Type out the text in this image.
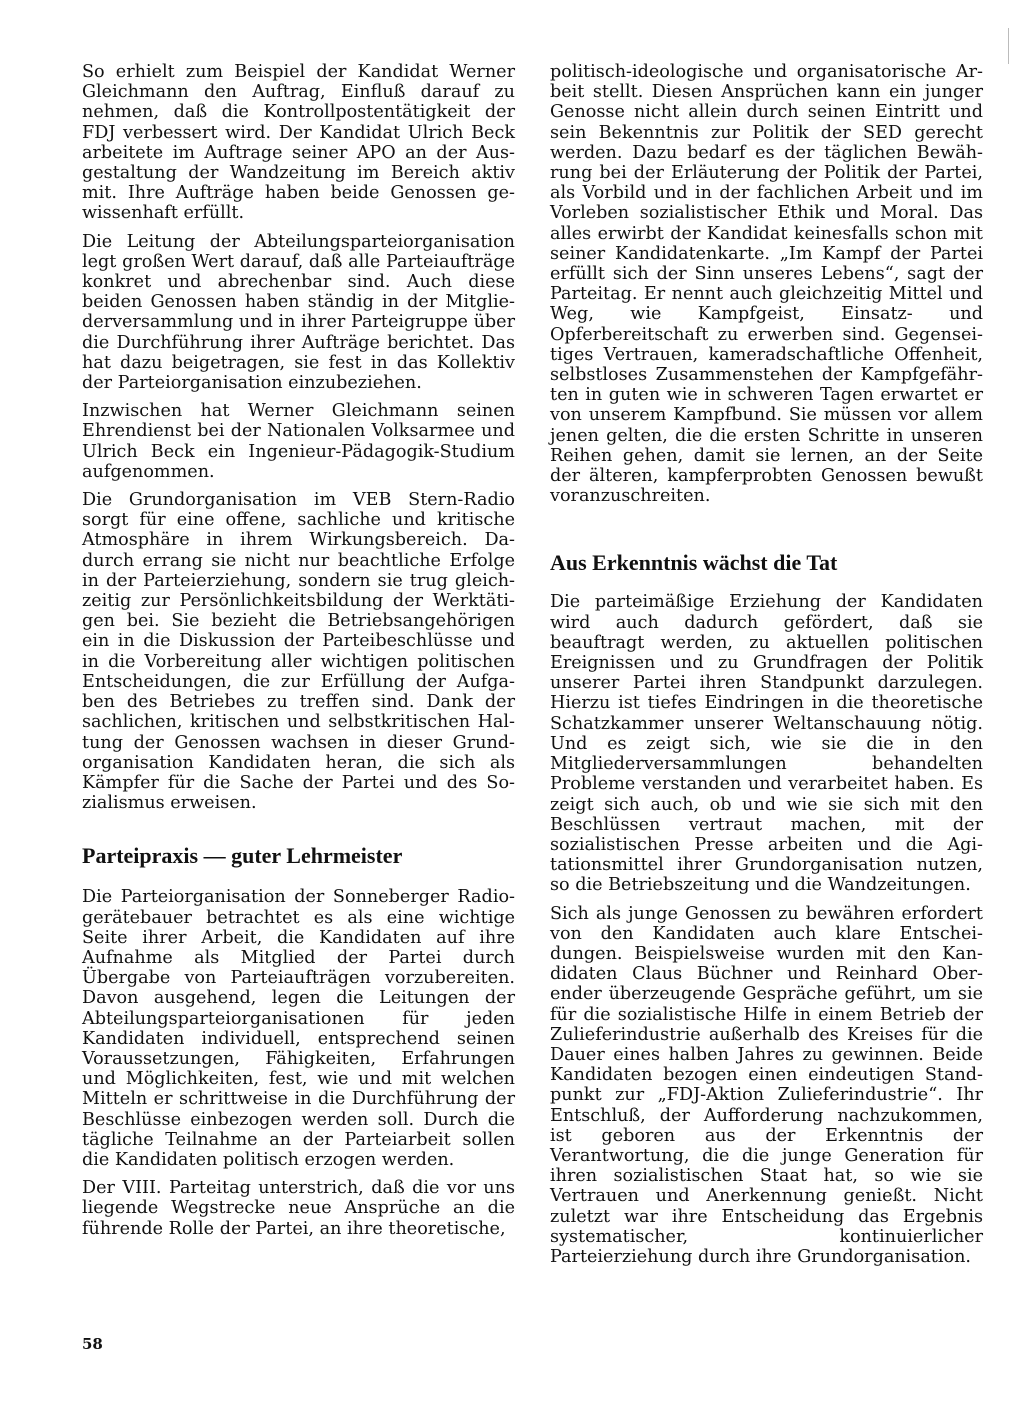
So erhielt zum Beispiel der Kandidat Werner Gleichmann den Auftrag, Einfluß darauf zu nehmen, daß die Kontrollpostentätigkeit der FDJ verbessert wird. Der Kandidat Ulrich Beck arbeitete im Auftrage seiner APO an der Ausgestaltung der Wandzeitung im Bereich aktiv mit. Ihre Aufträge haben beide Genossen gewissenhaft erfüllt.

Die Leitung der Abteilungsparteiorganisation legt großen Wert darauf, daß alle Parteiaufträge konkret und abrechenbar sind. Auch diese beiden Genossen haben ständig in der Mitgliederversammlung und in ihrer Parteigruppe über die Durchführung ihrer Aufträge berichtet. Das hat dazu beigetragen, sie fest in das Kollektiv der Parteiorganisation einzubeziehen.

Inzwischen hat Werner Gleichmann seinen Ehrendienst bei der Nationalen Volksarmee und Ulrich Beck ein Ingenieur-Pädagogik-Studium aufgenommen.

Die Grundorganisation im VEB Stern-Radio sorgt für eine offene, sachliche und kritische Atmosphäre in ihrem Wirkungsbereich. Dadurch errang sie nicht nur beachtliche Erfolge in der Parteierziehung, sondern sie trug gleichzeitig zur Persönlichkeitsbildung der Werktätigen bei. Sie bezieht die Betriebsangehörigen ein in die Diskussion der Parteibeschlüsse und in die Vorbereitung aller wichtigen politischen Entscheidungen, die zur Erfüllung der Aufgaben des Betriebes zu treffen sind. Dank der sachlichen, kritischen und selbstkritischen Haltung der Genossen wachsen in dieser Grundorganisation Kandidaten heran, die sich als Kämpfer für die Sache der Partei und des Sozialismus erweisen.

Parteipraxis — guter Lehrmeister

Die Parteiorganisation der Sonneberger Radiogerätebauer betrachtet es als eine wichtige Seite ihrer Arbeit, die Kandidaten auf ihre Aufnahme als Mitglied der Partei durch Übergabe von Parteiaufträgen vorzubereiten. Davon ausgehend, legen die Leitungen der Abteilungsparteiorganisationen für jeden Kandidaten individuell, entsprechend seinen Voraussetzungen, Fähigkeiten, Erfahrungen und Möglichkeiten, fest, wie und mit welchen Mitteln er schrittweise in die Durchführung der Beschlüsse einbezogen werden soll. Durch die tägliche Teilnahme an der Parteiarbeit sollen die Kandidaten politisch erzogen werden.

Der VIII. Parteitag unterstrich, daß die vor uns liegende Wegstrecke neue Ansprüche an die führende Rolle der Partei, an ihre theoretische,

politisch-ideologische und organisatorische Arbeit stellt. Diesen Ansprüchen kann ein junger Genosse nicht allein durch seinen Eintritt und sein Bekenntnis zur Politik der SED gerecht werden. Dazu bedarf es der täglichen Bewährung bei der Erläuterung der Politik der Partei, als Vorbild und in der fachlichen Arbeit und im Vorleben sozialistischer Ethik und Moral. Das alles erwirbt der Kandidat keinesfalls schon mit seiner Kandidatenkarte. „Im Kampf der Partei erfüllt sich der Sinn unseres Lebens“, sagt der Parteitag. Er nennt auch gleichzeitig Mittel und Weg, wie Kampfgeist, Einsatz- und Opferbereitschaft zu erwerben sind. Gegenseitiges Vertrauen, kameradschaftliche Offenheit, selbstloses Zusammenstehen der Kampfgefährten in guten wie in schweren Tagen erwartet er von unserem Kampfbund. Sie müssen vor allem jenen gelten, die die ersten Schritte in unseren Reihen gehen, damit sie lernen, an der Seite der älteren, kampferprobten Genossen bewußt voranzuschreiten.

Aus Erkenntnis wächst die Tat

Die parteimäßige Erziehung der Kandidaten wird auch dadurch gefördert, daß sie beauftragt werden, zu aktuellen politischen Ereignissen und zu Grundfragen der Politik unserer Partei ihren Standpunkt darzulegen. Hierzu ist tiefes Eindringen in die theoretische Schatzkammer unserer Weltanschauung nötig. Und es zeigt sich, wie sie die in den Mitgliederversammlungen behandelten Probleme verstanden und verarbeitet haben. Es zeigt sich auch, ob und wie sie sich mit den Beschlüssen vertraut machen, mit der sozialistischen Presse arbeiten und die Agitationsmittel ihrer Grundorganisation nutzen, so die Betriebszeitung und die Wandzeitungen.

Sich als junge Genossen zu bewähren erfordert von den Kandidaten auch klare Entscheidungen. Beispielsweise wurden mit den Kandidaten Claus Büchner und Reinhard Oberender überzeugende Gespräche geführt, um sie für die sozialistische Hilfe in einem Betrieb der Zulieferindustrie außerhalb des Kreises für die Dauer eines halben Jahres zu gewinnen. Beide Kandidaten bezogen einen eindeutigen Standpunkt zur „FDJ-Aktion Zulieferindustrie“. Ihr Entschluß, der Aufforderung nachzukommen, ist geboren aus der Erkenntnis der Verantwortung, die die junge Generation für ihren sozialistischen Staat hat, so wie sie Vertrauen und Anerkennung genießt. Nicht zuletzt war ihre Entscheidung das Ergebnis systematischer, kontinuierlicher Parteierziehung durch ihre Grundorganisation.

58
